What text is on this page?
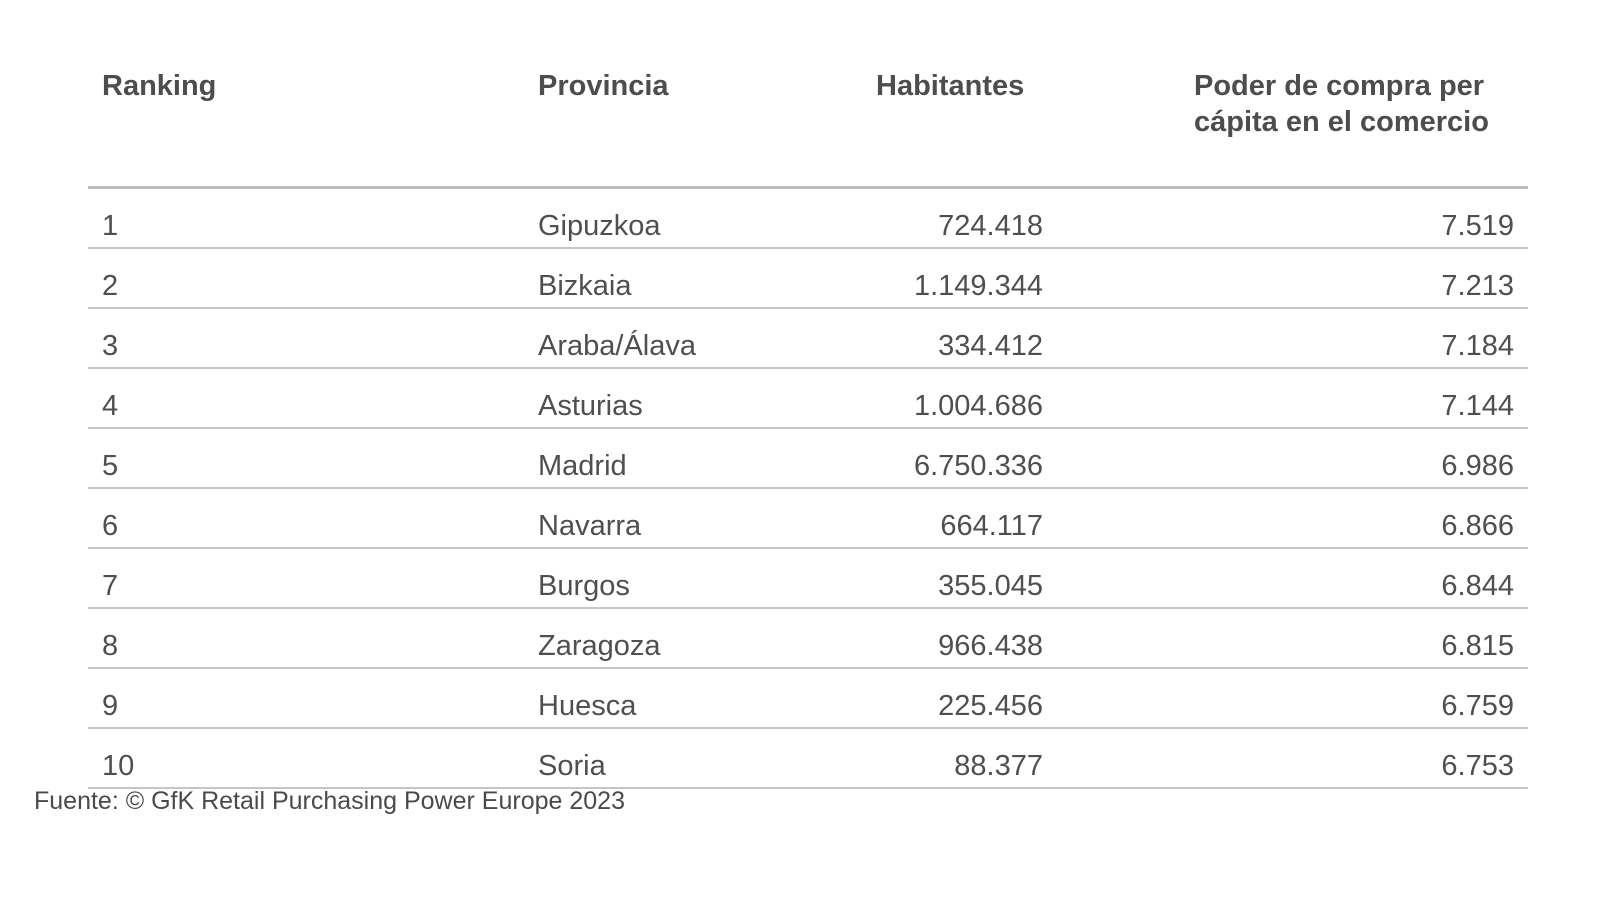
Ranking	Provincia	Habitantes	Poder de compra per cápita en el comercio
1	Gipuzkoa	724.418	7.519
2	Bizkaia	1.149.344	7.213
3	Araba/Álava	334.412	7.184
4	Asturias	1.004.686	7.144
5	Madrid	6.750.336	6.986
6	Navarra	664.117	6.866
7	Burgos	355.045	6.844
8	Zaragoza	966.438	6.815
9	Huesca	225.456	6.759
10	Soria	88.377	6.753
Fuente: © GfK Retail Purchasing Power Europe 2023
